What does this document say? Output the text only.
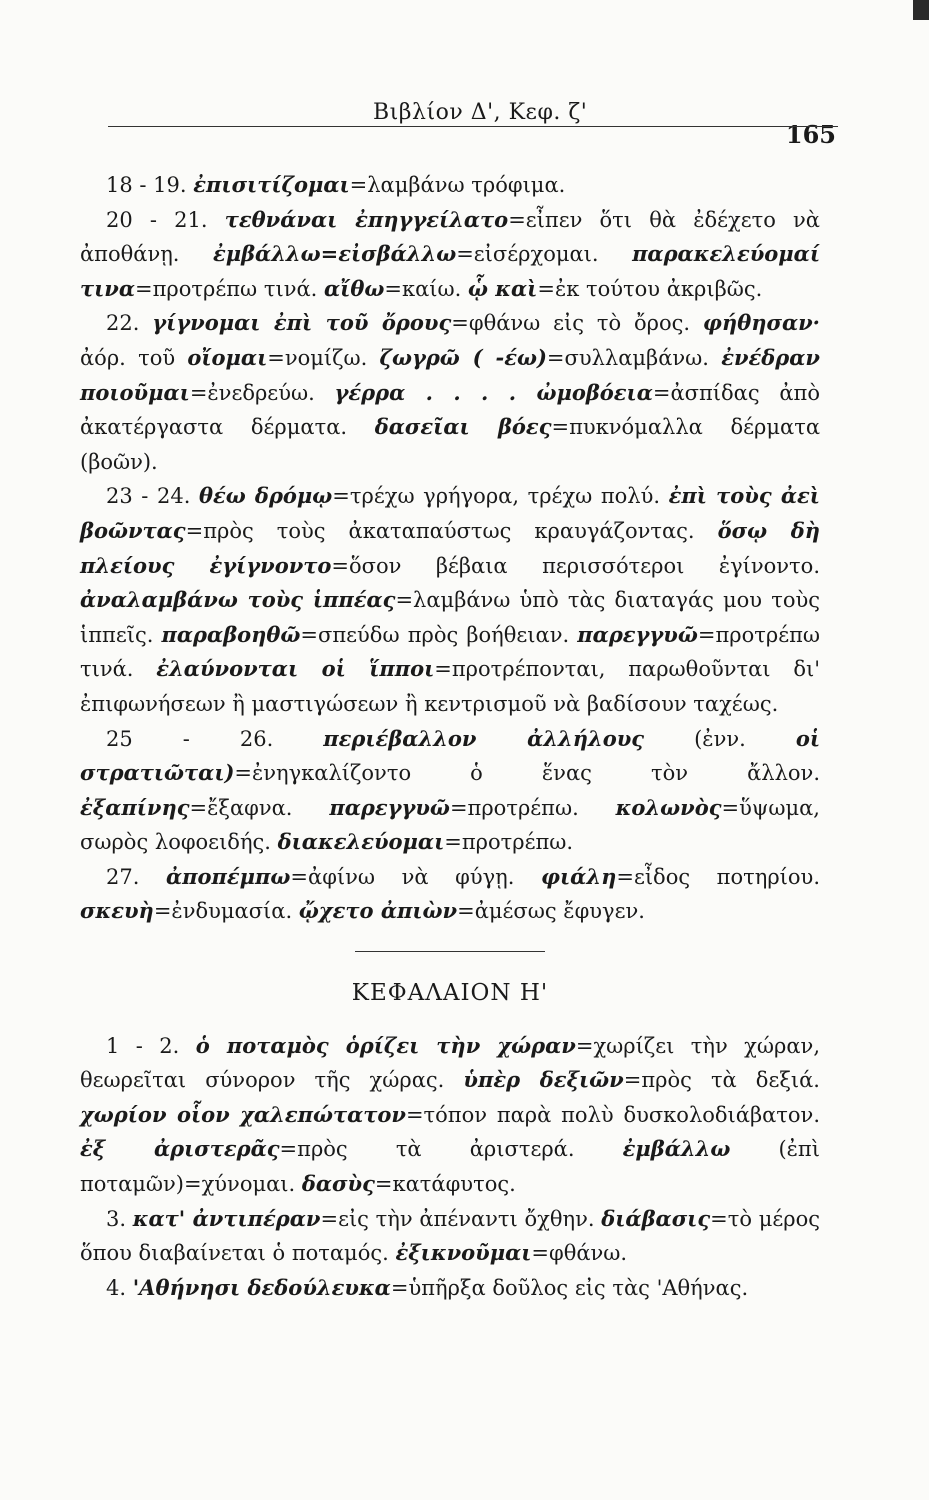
Βιβλίον Δ', Κεφ. ζ'
165

18 - 19. ἐπισιτίζομαι=λαμβάνω τρόφιμα.

20 - 21. τεθνάναι ἐπηγγείλατο=εἶπεν ὅτι θὰ ἐδέχετο νὰ ἀποθάνῃ. ἐμβάλλω=εἰσβάλλω=εἰσέρχομαι. παρακελεύομαί τινα=προτρέπω τινά. αἴθω=καίω. ᾧ καὶ=ἐκ τούτου ἀκριβῶς.

22. γίγνομαι ἐπὶ τοῦ ὄρους=φθάνω εἰς τὸ ὄρος. φήθησαν· ἀόρ. τοῦ οἴομαι=νομίζω. ζωγρῶ ( -έω)=συλλαμβάνω. ἐνέδραν ποιοῦμαι=ἐνεδρεύω. γέρρα . . . . ὠμοβόεια=ἀσπίδας ἀπὸ ἀκατέργαστα δέρματα. δασεῖαι βόες=πυκνόμαλλα δέρματα (βοῶν).

23 - 24. θέω δρόμῳ=τρέχω γρήγορα, τρέχω πολύ. ἐπὶ τοὺς ἀεὶ βοῶντας=πρὸς τοὺς ἀκαταπαύστως κραυγάζοντας. ὅσῳ δὴ πλείους ἐγίγνοντο=ὅσον βέβαια περισσότεροι ἐγίνοντο. ἀναλαμβάνω τοὺς ἱππέας=λαμβάνω ὑπὸ τὰς διαταγάς μου τοὺς ἱππεῖς. παραβοηθῶ=σπεύδω πρὸς βοήθειαν. παρεγγυῶ=προτρέπω τινά. ἐλαύνονται οἱ ἵπποι=προτρέπονται, παρωθοῦνται δι' ἐπιφωνήσεων ἢ μαστιγώσεων ἢ κεντρισμοῦ νὰ βαδίσουν ταχέως.

25 - 26. περιέβαλλον ἀλλήλους (ἐνν. οἱ στρατιῶται)=ἐνηγκαλίζοντο ὁ ἕνας τὸν ἄλλον. ἐξαπίνης=ἔξαφνα. παρεγγυῶ=προτρέπω. κολωνὸς=ὕψωμα, σωρὸς λοφοειδής. διακελεύομαι=προτρέπω.

27. ἀποπέμπω=ἀφίνω νὰ φύγῃ. φιάλη=εἶδος ποτηρίου. σκευὴ=ἐνδυμασία. ᾤχετο ἀπιὼν=ἀμέσως ἔφυγεν.

ΚΕΦΑΛΑΙΟΝ Η'

1 - 2. ὁ ποταμὸς ὁρίζει τὴν χώραν=χωρίζει τὴν χώραν, θεωρεῖται σύνορον τῆς χώρας. ὑπὲρ δεξιῶν=πρὸς τὰ δεξιά. χωρίον οἷον χαλεπώτατον=τόπον παρὰ πολὺ δυσκολοδιάβατον. ἐξ ἀριστερᾶς=πρὸς τὰ ἀριστερά. ἐμβάλλω (ἐπὶ ποταμῶν)=χύνομαι. δασὺς=κατάφυτος.

3. κατ' ἀντιπέραν=εἰς τὴν ἀπέναντι ὄχθην. διάβασις=τὸ μέρος ὅπου διαβαίνεται ὁ ποταμός. ἐξικνοῦμαι=φθάνω.

4. 'Αθήνησι δεδούλευκα=ὑπῆρξα δοῦλος εἰς τὰς 'Αθήνας.
